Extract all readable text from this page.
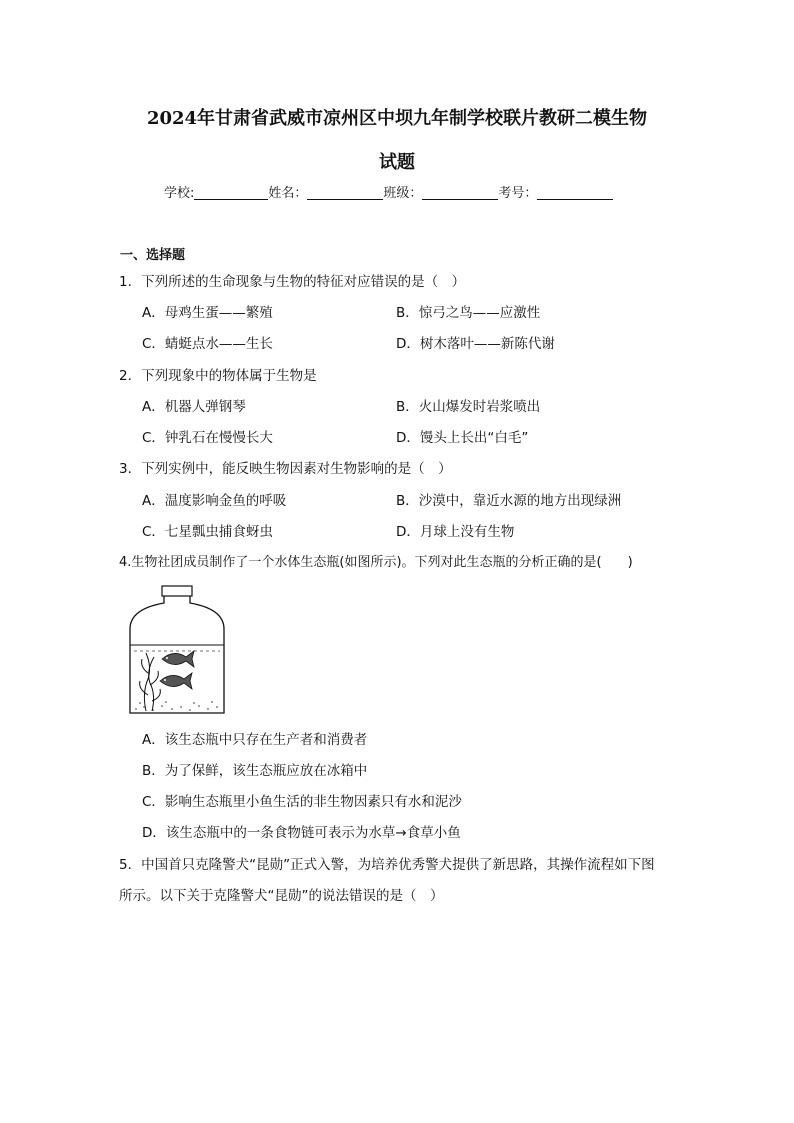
2024年甘肃省武威市凉州区中坝九年制学校联片教研二模生物
试题
学校:	姓名：	班级：	考号：
一、选择题
1．下列所述的生命现象与生物的特征对应错误的是（　）
A．母鸡生蛋——繁殖	B．惊弓之鸟——应激性
C．蜻蜓点水——生长	D．树木落叶——新陈代谢
2．下列现象中的物体属于生物是
A．机器人弹钢琴	B．火山爆发时岩浆喷出
C．钟乳石在慢慢长大	D．馒头上长出“白毛”
3．下列实例中，能反映生物因素对生物影响的是（　）
A．温度影响金鱼的呼吸	B．沙漠中，靠近水源的地方出现绿洲
C．七星瓢虫捕食蚜虫	D．月球上没有生物
4.生物社团成员制作了一个水体生态瓶(如图所示)。下列对此生态瓶的分析正确的是(　　)
A．该生态瓶中只存在生产者和消费者
B．为了保鲜，该生态瓶应放在冰箱中
C．影响生态瓶里小鱼生活的非生物因素只有水和泥沙
D．该生态瓶中的一条食物链可表示为水草→食草小鱼
5．中国首只克隆警犬“昆勋”正式入警，为培养优秀警犬提供了新思路，其操作流程如下图
所示。以下关于克隆警犬“昆勋”的说法错误的是（　）
